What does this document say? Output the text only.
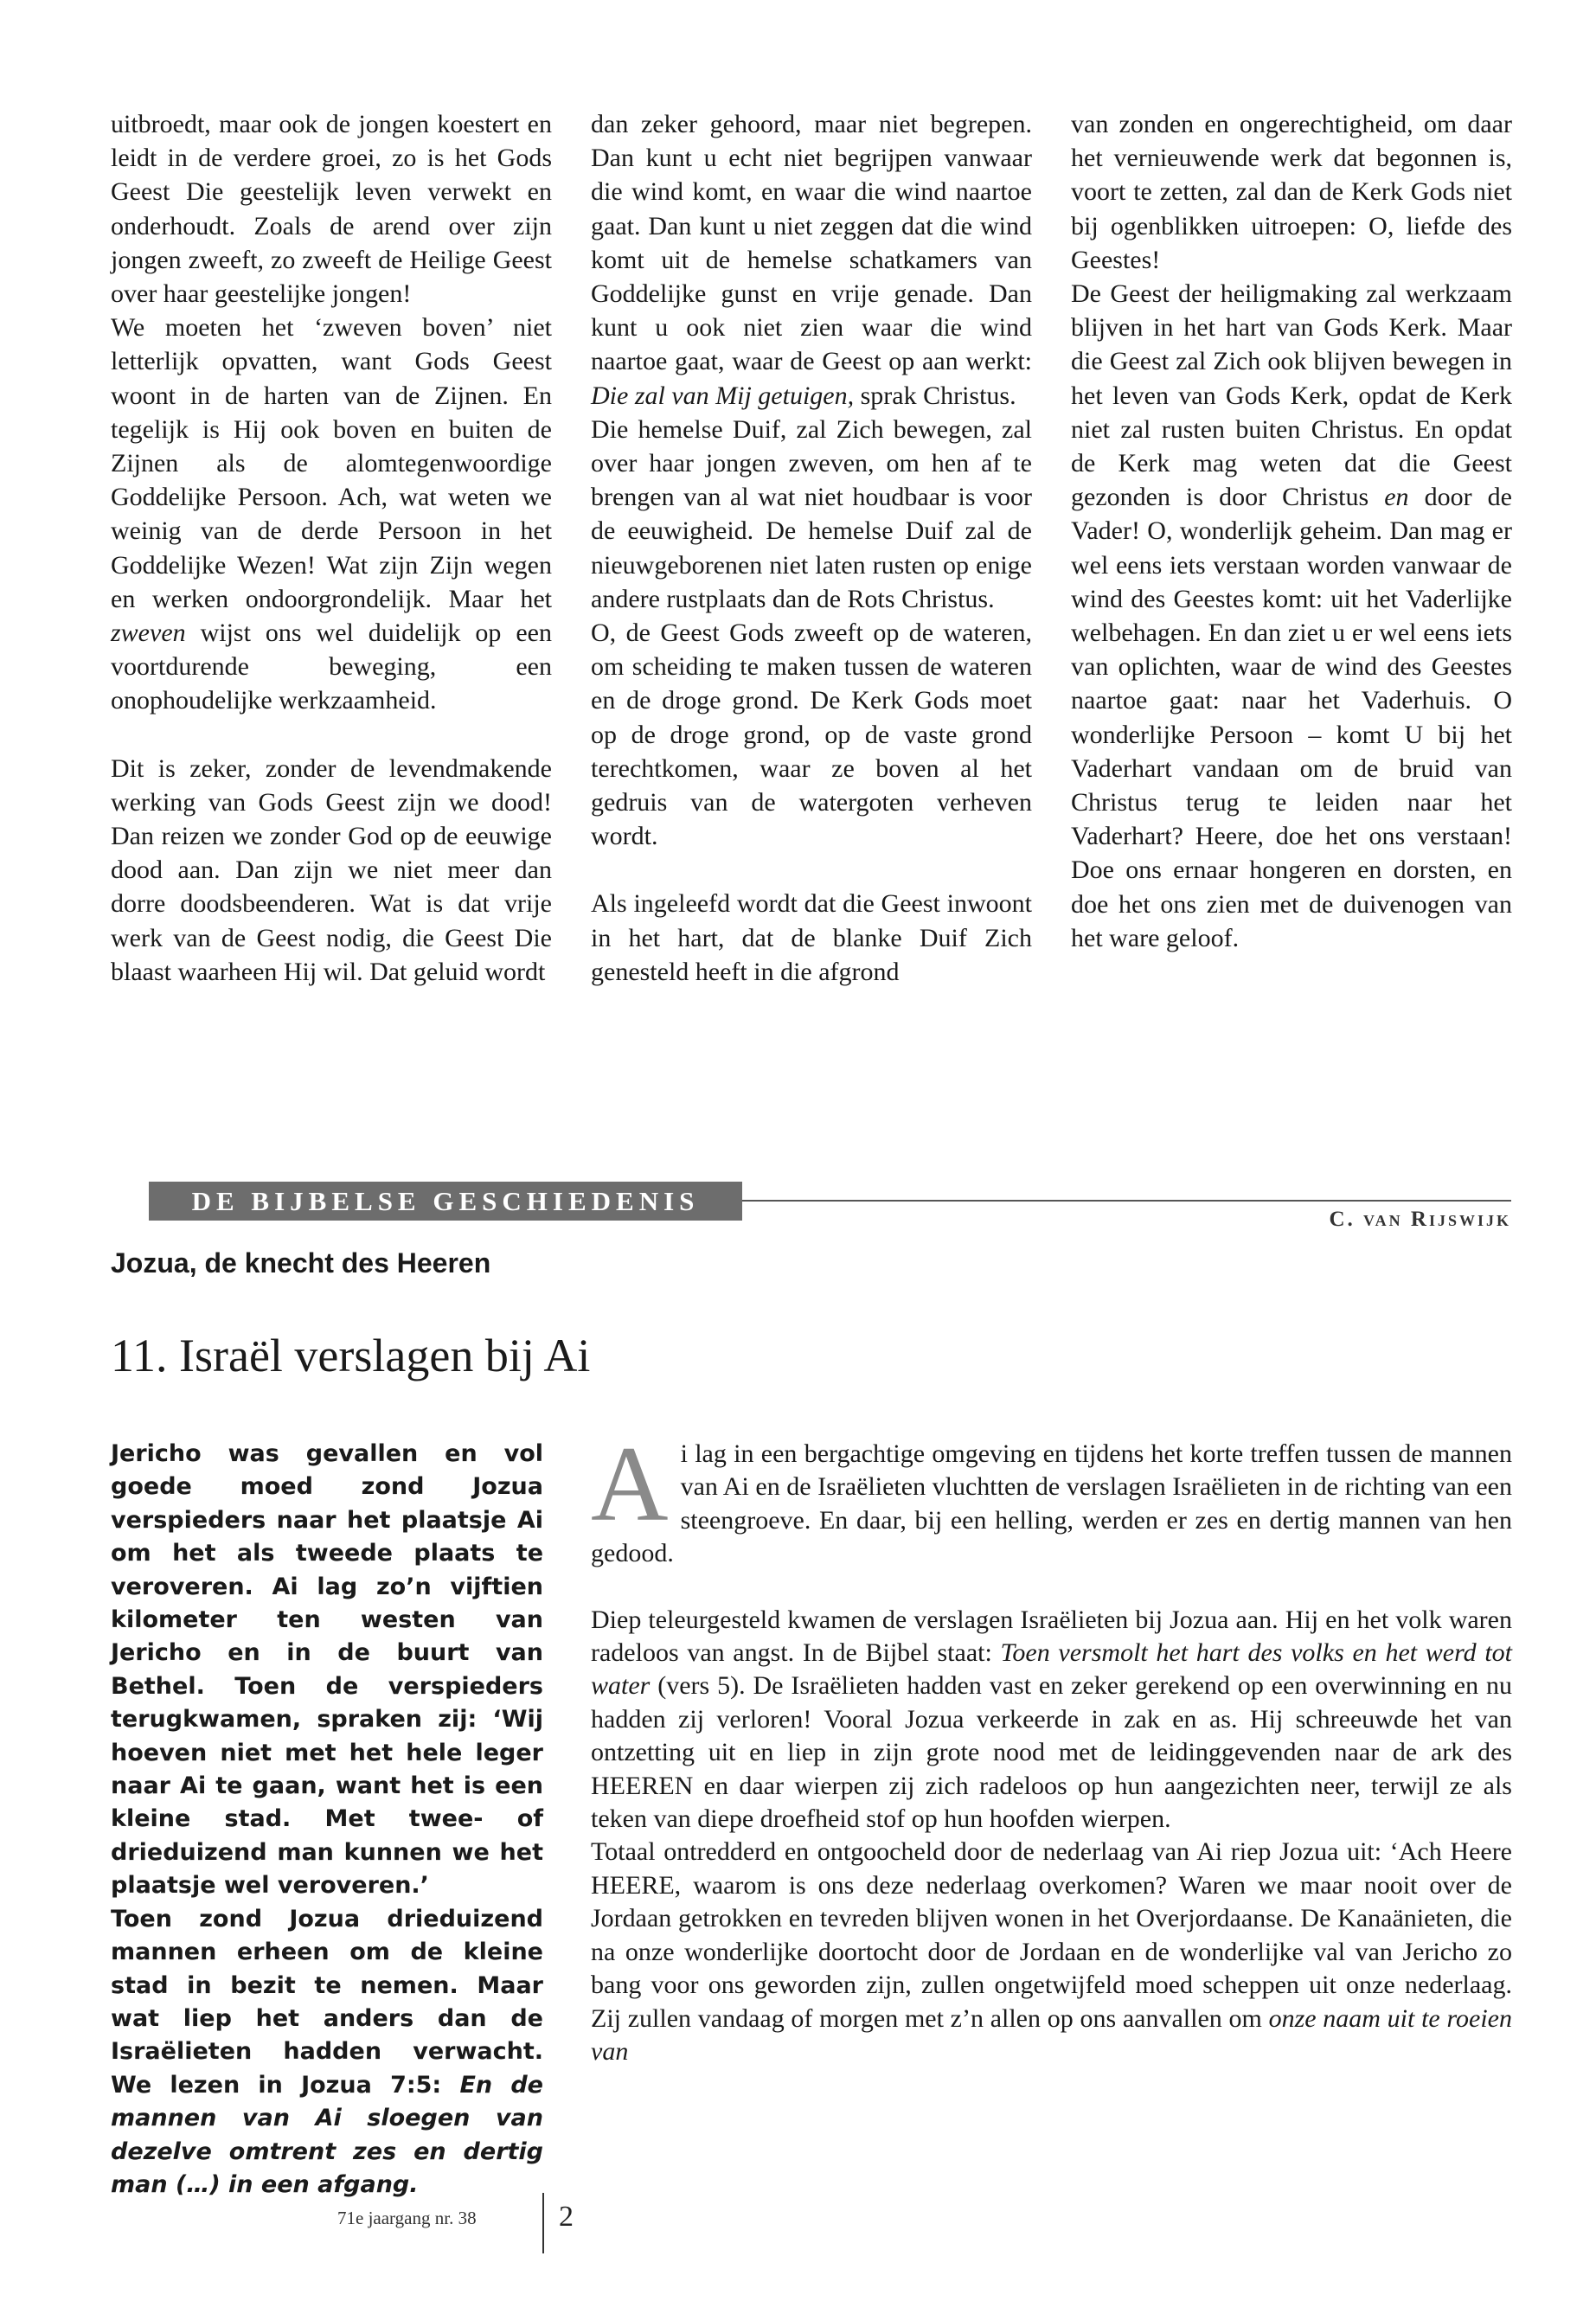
uitbroedt, maar ook de jongen koestert en leidt in de verdere groei, zo is het Gods Geest Die geestelijk leven verwekt en onderhoudt. Zoals de arend over zijn jongen zweeft, zo zweeft de Heilige Geest over haar geestelijke jongen!

We moeten het ‘zweven boven’ niet letterlijk opvatten, want Gods Geest woont in de harten van de Zijnen. En tegelijk is Hij ook boven en buiten de Zijnen als de alomtegenwoordige Goddelijke Persoon. Ach, wat weten we weinig van de derde Persoon in het Goddelijke Wezen! Wat zijn Zijn wegen en werken ondoorgrondelijk. Maar het zweven wijst ons wel duidelijk op een voortdurende beweging, een onophoudelijke werkzaamheid.

Dit is zeker, zonder de levendmakende werking van Gods Geest zijn we dood! Dan reizen we zonder God op de eeuwige dood aan. Dan zijn we niet meer dan dorre doodsbeenderen. Wat is dat vrije werk van de Geest nodig, die Geest Die blaast waarheen Hij wil. Dat geluid wordt

dan zeker gehoord, maar niet begrepen. Dan kunt u echt niet begrijpen vanwaar die wind komt, en waar die wind naartoe gaat. Dan kunt u niet zeggen dat die wind komt uit de hemelse schatkamers van Goddelijke gunst en vrije genade. Dan kunt u ook niet zien waar die wind naartoe gaat, waar de Geest op aan werkt: Die zal van Mij getuigen, sprak Christus.

Die hemelse Duif, zal Zich bewegen, zal over haar jongen zweven, om hen af te brengen van al wat niet houdbaar is voor de eeuwigheid. De hemelse Duif zal de nieuwgeborenen niet laten rusten op enige andere rustplaats dan de Rots Christus.

O, de Geest Gods zweeft op de wateren, om scheiding te maken tussen de wateren en de droge grond. De Kerk Gods moet op de droge grond, op de vaste grond terechtkomen, waar ze boven al het gedruis van de watergoten verheven wordt.

Als ingeleefd wordt dat die Geest inwoont in het hart, dat de blanke Duif Zich genesteld heeft in die afgrond

van zonden en ongerechtigheid, om daar het vernieuwende werk dat begonnen is, voort te zetten, zal dan de Kerk Gods niet bij ogenblikken uitroepen: O, liefde des Geestes!

De Geest der heiligmaking zal werkzaam blijven in het hart van Gods Kerk. Maar die Geest zal Zich ook blijven bewegen in het leven van Gods Kerk, opdat de Kerk niet zal rusten buiten Christus. En opdat de Kerk mag weten dat die Geest gezonden is door Christus en door de Vader! O, wonderlijk geheim. Dan mag er wel eens iets verstaan worden vanwaar de wind des Geestes komt: uit het Vaderlijke welbehagen. En dan ziet u er wel eens iets van oplichten, waar de wind des Geestes naartoe gaat: naar het Vaderhuis. O wonderlijke Persoon – komt U bij het Vaderhart vandaan om de bruid van Christus terug te leiden naar het Vaderhart? Heere, doe het ons verstaan! Doe ons ernaar hongeren en dorsten, en doe het ons zien met de duivenogen van het ware geloof.

DE BIJBELSE GESCHIEDENIS
C. van Rijswijk
Jozua, de knecht des Heeren
11. Israël verslagen bij Ai

Jericho was gevallen en vol goede moed zond Jozua verspieders naar het plaatsje Ai om het als tweede plaats te veroveren. Ai lag zo’n vijftien kilometer ten westen van Jericho en in de buurt van Bethel. Toen de verspieders terugkwamen, spraken zij: ‘Wij hoeven niet met het hele leger naar Ai te gaan, want het is een kleine stad. Met twee- of drieduizend man kunnen we het plaatsje wel veroveren.’

Toen zond Jozua drieduizend mannen erheen om de kleine stad in bezit te nemen. Maar wat liep het anders dan de Israëlieten hadden verwacht. We lezen in Jozua 7:5: En de mannen van Ai sloegen van dezelve omtrent zes en dertig man (…) in een afgang.

Ai lag in een bergachtige omgeving en tijdens het korte treffen tussen de mannen van Ai en de Israëlieten vluchtten de verslagen Israëlieten in de richting van een steengroeve. En daar, bij een helling, werden er zes en dertig mannen van hen gedood.

Diep teleurgesteld kwamen de verslagen Israëlieten bij Jozua aan. Hij en het volk waren radeloos van angst. In de Bijbel staat: Toen versmolt het hart des volks en het werd tot water (vers 5). De Israëlieten hadden vast en zeker gerekend op een overwinning en nu hadden zij verloren! Vooral Jozua verkeerde in zak en as. Hij schreeuwde het van ontzetting uit en liep in zijn grote nood met de leidinggevenden naar de ark des HEEREN en daar wierpen zij zich radeloos op hun aangezichten neer, terwijl ze als teken van diepe droefheid stof op hun hoofden wierpen.

Totaal ontredderd en ontgoocheld door de nederlaag van Ai riep Jozua uit: ‘Ach Heere HEERE, waarom is ons deze nederlaag overkomen? Waren we maar nooit over de Jordaan getrokken en tevreden blijven wonen in het Overjordaanse. De Kanaänieten, die na onze wonderlijke doortocht door de Jordaan en de wonderlijke val van Jericho zo bang voor ons geworden zijn, zullen ongetwijfeld moed scheppen uit onze nederlaag. Zij zullen vandaag of morgen met z’n allen op ons aanvallen om onze naam uit te roeien van

71e jaargang nr. 38	2
